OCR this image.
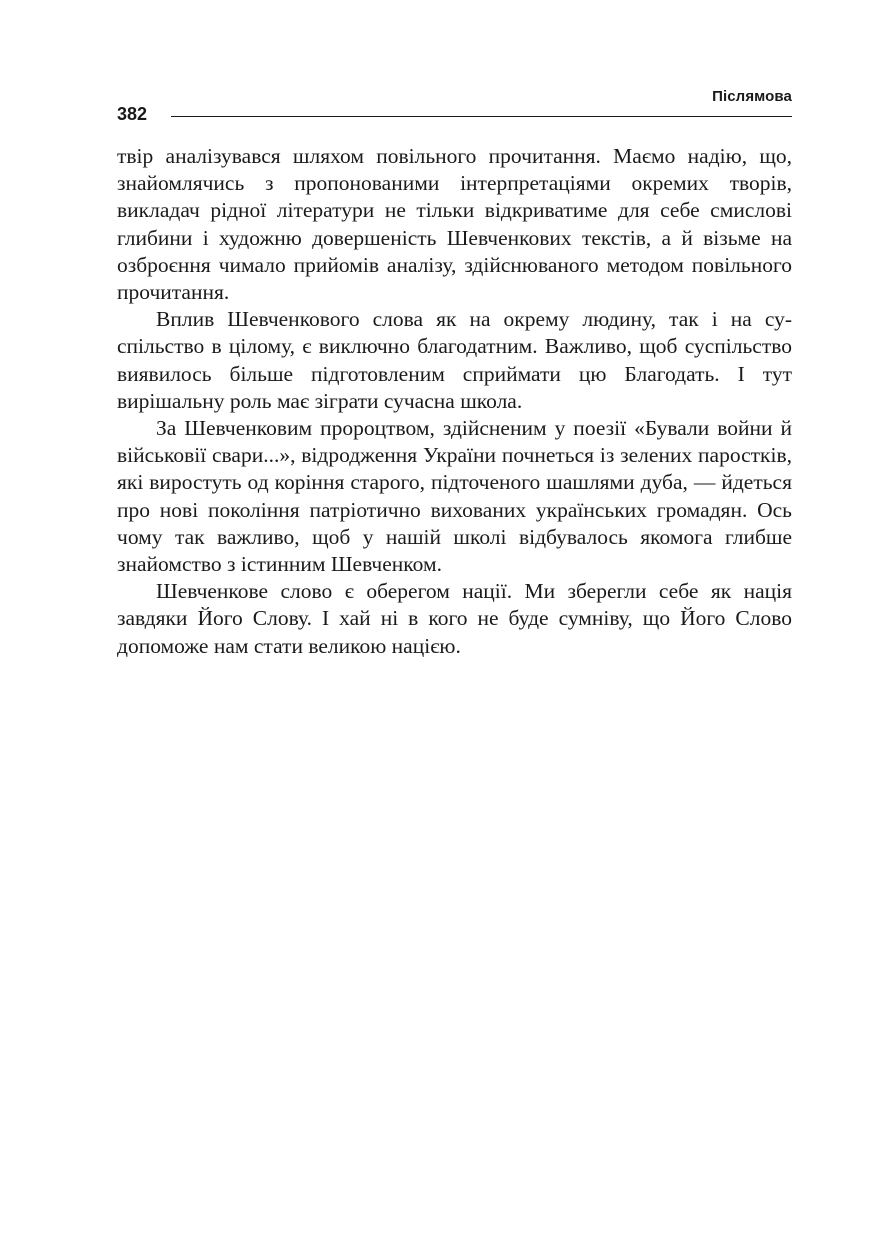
Післямова
382

твір аналізувався шляхом повільного прочитання. Маємо надію, що, знайомлячись з пропонованими інтерпретаціями окремих творів, викладач рідної літератури не тільки відкриватиме для себе смислові глибини і художню довершеність Шевченкових текстів, а й візьме на озброєння чимало прийомів аналізу, здійснюваного методом повільного прочитання.

Вплив Шевченкового слова як на окрему людину, так і на суспільство в цілому, є виключно благодатним. Важливо, щоб суспільство виявилось більше підготовленим сприймати цю Благодать. І тут вирішальну роль має зіграти сучасна школа.

За Шевченковим пророцтвом, здійсненим у поезії «Бували войни й військовії свари...», відродження України почнеться із зелених паростків, які виростуть од коріння старого, підточеного шашлями дуба, — йдеться про нові покоління патріотично вихованих українських громадян. Ось чому так важливо, щоб у нашій школі відбувалось якомога глибше знайомство з істинним Шевченком.

Шевченкове слово є оберегом нації. Ми зберегли себе як нація завдяки Його Слову. І хай ні в кого не буде сумніву, що Його Слово допоможе нам стати великою нацією.
